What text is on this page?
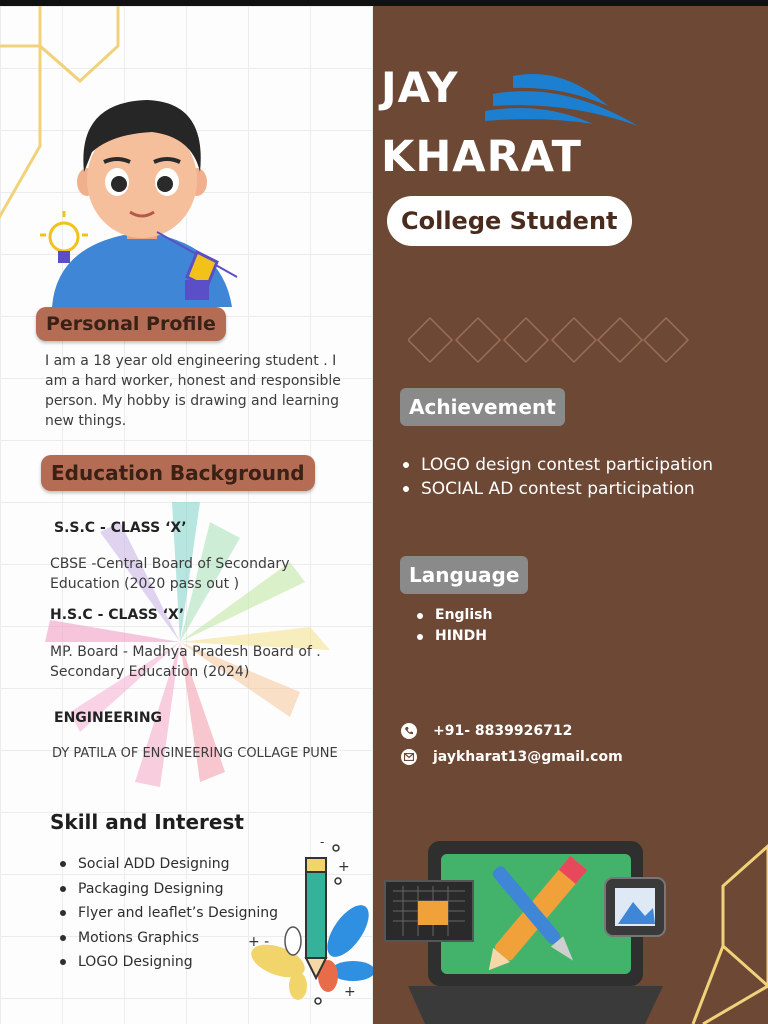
Personal Profile
I am a 18 year old engineering student . I am a hard worker, honest and responsible person. My hobby is drawing and learning new things.
Education Background
S.S.C - CLASS ‘X’
CBSE -Central Board of Secondary Education (2020 pass out )
H.S.C - CLASS ‘X’
MP. Board - Madhya Pradesh Board of . Secondary Education (2024)
ENGINEERING
DY PATILA OF ENGINEERING COLLAGE PUNE
Skill and Interest
Social ADD Designing
Packaging Designing
Flyer and leaflet’s Designing
Motions Graphics
LOGO Designing
+
+ -
+
-
JAY
KHARAT
College Student
Achievement
LOGO design contest participation
SOCIAL AD contest participation
Language
English
HINDH
+91- 8839926712
jaykharat13@gmail.com
